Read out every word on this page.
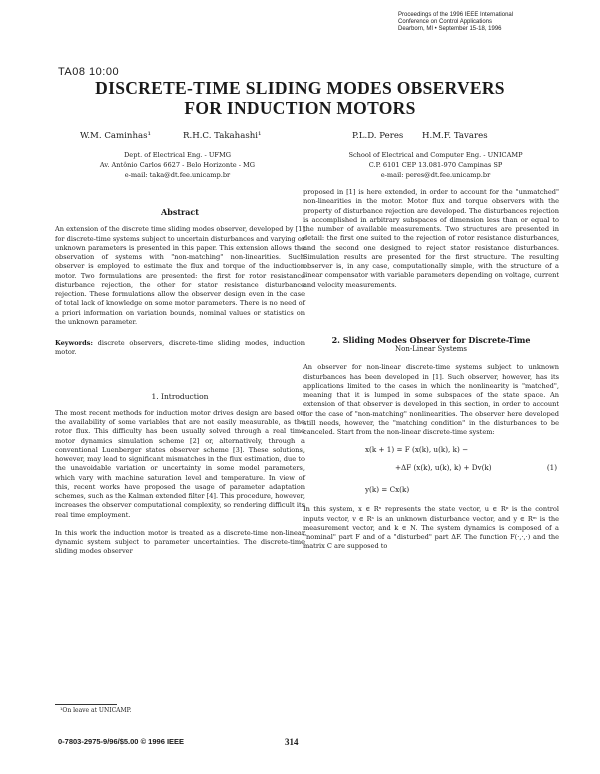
Proceedings of the 1996 IEEE International
Conference on Control Applications
Dearborn, MI • September 15-18, 1996
TA08 10:00
DISCRETE-TIME SLIDING MODES OBSERVERS
FOR INDUCTION MOTORS
W.M. Caminhas¹	R.H.C. Takahashi¹	P.L.D. Peres H.M.F. Tavares
Dept. of Electrical Eng. - UFMG
Av. Antônio Carlos 6627 - Belo Horizonte - MG
e-mail: taka@dt.fee.unicamp.br
School of Electrical and Computer Eng. - UNICAMP
C.P. 6101 CEP 13.081-970 Campinas SP
e-mail: peres@dt.fee.unicamp.br

Abstract

An extension of the discrete time sliding modes observer, developed by [1] for discrete-time systems subject to uncertain disturbances and varying or unknown parameters is presented in this paper. This extension allows the observation of systems with "non-matching" non-linearities. Such observer is employed to estimate the flux and torque of the induction motor. Two formulations are presented: the first for rotor resistance disturbance rejection, the other for stator resistance disturbance rejection. These formulations allow the observer design even in the case of total lack of knowledge on some motor parameters. There is no need of a priori information on variation bounds, nominal values or statistics on the unknown parameter.

Keywords: discrete observers, discrete-time sliding modes, induction motor.

1. Introduction

The most recent methods for induction motor drives design are based on the availability of some variables that are not easily measurable, as the rotor flux. This difficulty has been usually solved through a real time motor dynamics simulation scheme [2] or, alternatively, through a conventional Luenberger states observer scheme [3]. These solutions, however, may lead to significant mismatches in the flux estimation, due to the unavoidable variation or uncertainty in some model parameters, which vary with machine saturation level and temperature. In view of this, recent works have proposed the usage of parameter adaptation schemes, such as the Kalman extended filter [4]. This procedure, however, increases the observer computational complexity, so rendering difficult its real time employment.

In this work the induction motor is treated as a discrete-time non-linear dynamic system subject to parameter uncertainties. The discrete-time sliding modes observer

¹On leave at UNICAMP.

proposed in [1] is here extended, in order to account for the "unmatched" non-linearities in the motor. Motor flux and torque observers with the property of disturbance rejection are developed. The disturbances rejection is accomplished in arbitrary subspaces of dimension less than or equal to the number of available measurements. Two structures are presented in detail: the first one suited to the rejection of rotor resistance disturbances, and the second one designed to reject stator resistance disturbances. Simulation results are presented for the first structure. The resulting observer is, in any case, computationally simple, with the structure of a linear compensator with variable parameters depending on voltage, current and velocity measurements.

2. Sliding Modes Observer for Discrete-Time

Non-Linear Systems

An observer for non-linear discrete-time systems subject to unknown disturbances has been developed in [1]. Such observer, however, has its applications limited to the cases in which the nonlinearity is "matched", meaning that it is lumped in some subspaces of the state space. An extension of that observer is developed in this section, in order to account for the case of "non-matching" nonlinearities. The observer here developed still needs, however, the "matching condition" in the disturbances to be canceled. Start from the non-linear discrete-time system:

x(k + 1) = F (x(k), u(k), k) −
+ΔF (x(k), u(k), k) + Dv(k)	(1)
y(k) = Cx(k)

In this system, x ∈ Rⁿ represents the state vector, u ∈ Rᵖ is the control inputs vector, v ∈ Rˢ is an unknown disturbance vector, and y ∈ Rᵐ is the measurement vector, and k ∈ N. The system dynamics is composed of a "nominal" part F and of a "disturbed" part ΔF. The function F(·,·,·) and the matrix C are supposed to

0-7803-2975-9/96/$5.00 © 1996 IEEE	314
